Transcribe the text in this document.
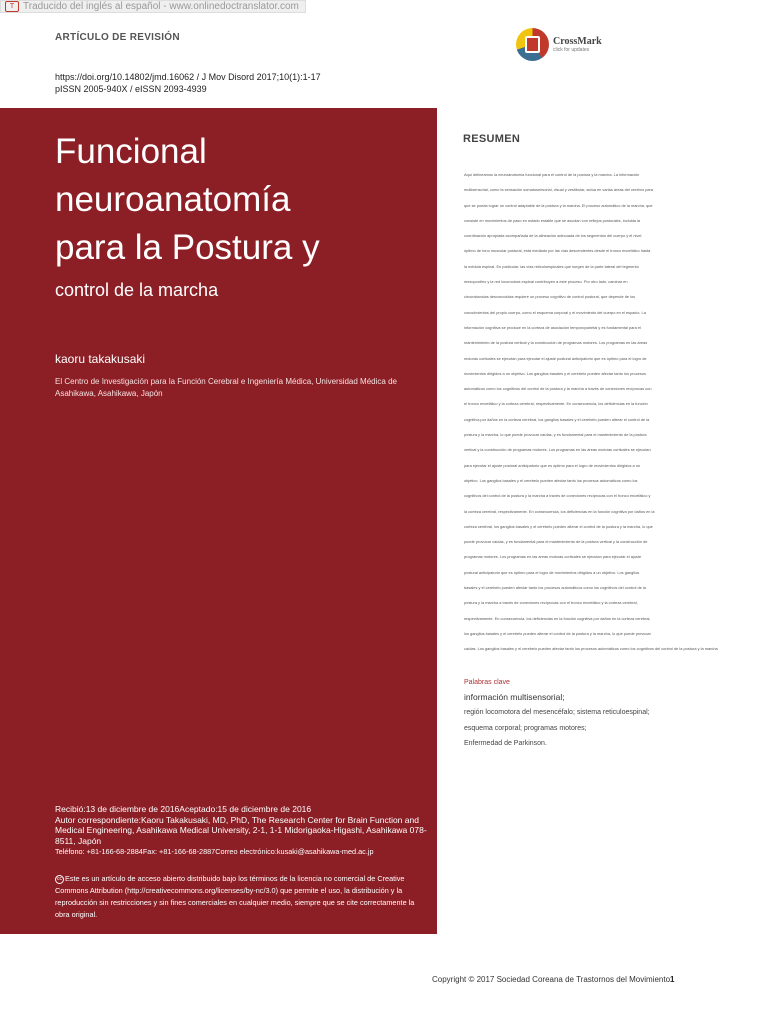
T Traducido del inglés al español - www.onlinedoctranslator.com
ARTÍCULO DE REVISIÓN
https://doi.org/10.14802/jmd.16062 / J Mov Disord 2017;10(1):1-17
pISSN 2005-940X / eISSN 2093-4939
CrossMark
click for updates
Funcional
neuroanatomía
para la Postura y
control de la marcha
kaoru takakusaki
El Centro de Investigación para la Función Cerebral e Ingeniería Médica, Universidad Médica de Asahikawa, Asahikawa, Japón
Recibió:13 de diciembre de 2016Aceptado:15 de diciembre de 2016
Autor correspondiente:Kaoru Takakusaki, MD, PhD, The Research Center for Brain Function and Medical Engineering, Asahikawa Medical University, 2-1, 1-1 Midorigaoka-Higashi, Asahikawa 078-8511, Japón
Teléfono: +81-166-68-2884Fax: +81-166-68-2887Correo electrónico:kusaki@asahikawa-med.ac.jp
cc Este es un artículo de acceso abierto distribuido bajo los términos de la licencia no comercial de Creative Commons Attribution (http://creativecommons.org/licenses/by-nc/3.0) que permite el uso, la distribución y la reproducción sin restricciones y sin fines comerciales en cualquier medio, siempre que se cite correctamente la obra original.
RESUMEN
Aquí delineamos la neuroanatomía funcional para el control de la postura y la marcha. La información
multisensorial, como la sensación somatosensorial, visual y vestibular, actúa en varias áreas del cerebro para
que se pueda lograr un control adaptable de la postura y la marcha. El proceso automático de la marcha, que
consiste en movimientos de paso en estado estable que se asocian con reflejos posturales, incluida la
coordinación apropiada acompañada de la alineación adecuada de los segmentos del cuerpo y el nivel
óptimo de tono muscular postural, está mediado por las vías descendentes desde el tronco encefálico hasta
la médula espinal. En particular, las vías reticuloespinales que surgen de la parte lateral del tegmento
mesopontino y la red locomotora espinal contribuyen a este proceso. Por otro lado, caminar en
circunstancias desconocidas requiere un proceso cognitivo de control postural, que depende de los
conocimientos del propio cuerpo, como el esquema corporal y el movimiento del cuerpo en el espacio. La
información cognitiva se produce en la corteza de asociación temporoparietal y es fundamental para el
mantenimiento de la postura vertical y la construcción de programas motores. Los programas en las áreas
motoras corticales se ejecutan para ejecutar el ajuste postural anticipatorio que es óptimo para el logro de
movimientos dirigidos a un objetivo. Los ganglios basales y el cerebelo pueden afectar tanto los procesos
automáticos como los cognitivos del control de la postura y la marcha a través de conexiones recíprocas con
el tronco encefálico y la corteza cerebral, respectivamente. En consecuencia, los deficiencias en la función
cognitiva por daños en la corteza cerebral, los ganglios basales y el cerebelo pueden alterar el control de la
postura y la marcha, lo que puede provocar caídas, y es fundamental para el mantenimiento de la postura
vertical y la construcción de programas motores. Los programas en las áreas motoras corticales se ejecutan
para ejecutar el ajuste postural anticipatorio que es óptimo para el logro de movimientos dirigidos a un
objetivo. Los ganglios basales y el cerebelo pueden afectar tanto los procesos automáticos como los
cognitivos del control de la postura y la marcha a través de conexiones recíprocas con el tronco encefálico y
la corteza cerebral, respectivamente. En consecuencia, los deficiencias en la función cognitiva por daños en la
corteza cerebral, los ganglios basales y el cerebelo pueden alterar el control de la postura y la marcha, lo que
puede provocar caídas, y es fundamental para el mantenimiento de la postura vertical y la construcción de
programas motores. Los programas en las áreas motoras corticales se ejecutan para ejecutar el ajuste
postural anticipatorio que es óptimo para el logro de movimientos dirigidos a un objetivo. Los ganglios
basales y el cerebelo pueden afectar tanto los procesos automáticos como los cognitivos del control de la
postura y la marcha a través de conexiones recíprocas con el tronco encefálico y la corteza cerebral,
respectivamente. En consecuencia, los deficiencias en la función cognitiva por daños en la corteza cerebral,
los ganglios basales y el cerebelo pueden alterar el control de la postura y la marcha, lo que puede provocar
caídas. Los ganglios basales y el cerebelo pueden afectar tanto los procesos automáticos como los cognitivos del control de la postura y la marcha
Palabras clave
información multisensorial;
región locomotora del mesencéfalo; sistema reticuloespinal;
esquema corporal; programas motores;
Enfermedad de Parkinson.
Copyright © 2017 Sociedad Coreana de Trastornos del Movimiento1
